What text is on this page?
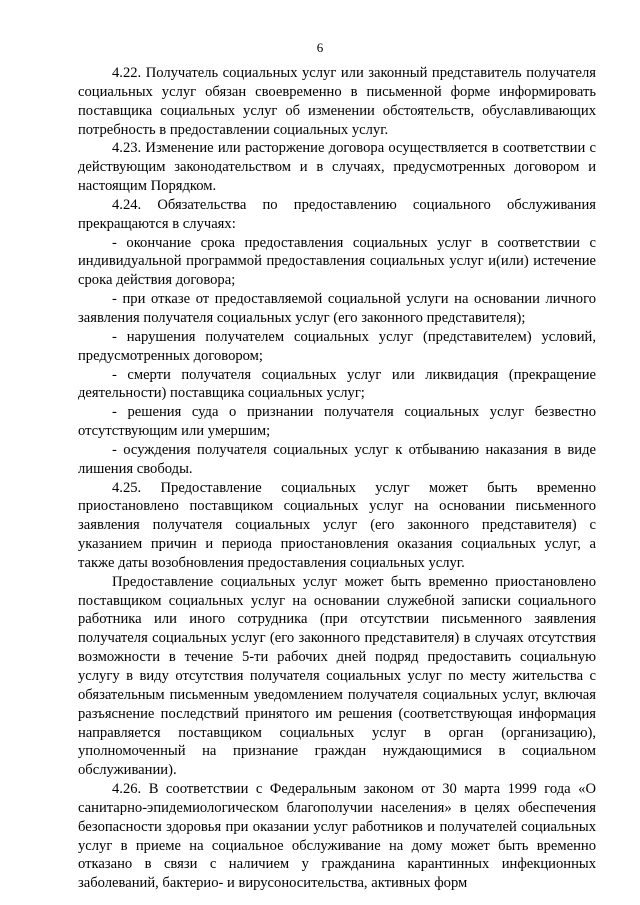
6

4.22. Получатель социальных услуг или законный представитель получателя социальных услуг обязан своевременно в письменной форме информировать поставщика социальных услуг об изменении обстоятельств, обуславливающих потребность в предоставлении социальных услуг.

4.23. Изменение или расторжение договора осуществляется в соответствии с действующим законодательством и в случаях, предусмотренных договором и настоящим Порядком.

4.24. Обязательства по предоставлению социального обслуживания прекращаются в случаях:

- окончание срока предоставления социальных услуг в соответствии с индивидуальной программой предоставления социальных услуг и(или) истечение срока действия договора;

- при отказе от предоставляемой социальной услуги на основании личного заявления получателя социальных услуг (его законного представителя);

- нарушения получателем социальных услуг (представителем) условий, предусмотренных договором;

- смерти получателя социальных услуг или ликвидация (прекращение деятельности) поставщика социальных услуг;

- решения суда о признании получателя социальных услуг безвестно отсутствующим или умершим;

- осуждения получателя социальных услуг к отбыванию наказания в виде лишения свободы.

4.25. Предоставление социальных услуг может быть временно приостановлено поставщиком социальных услуг на основании письменного заявления получателя социальных услуг (его законного представителя) с указанием причин и периода приостановления оказания социальных услуг, а также даты возобновления предоставления социальных услуг.

Предоставление социальных услуг может быть временно приостановлено поставщиком социальных услуг на основании служебной записки социального работника или иного сотрудника (при отсутствии письменного заявления получателя социальных услуг (его законного представителя) в случаях отсутствия возможности в течение 5-ти рабочих дней подряд предоставить социальную услугу в виду отсутствия получателя социальных услуг по месту жительства с обязательным письменным уведомлением получателя социальных услуг, включая разъяснение последствий принятого им решения (соответствующая информация направляется поставщиком социальных услуг в орган (организацию), уполномоченный на признание граждан нуждающимися в социальном обслуживании).

4.26. В соответствии с Федеральным законом от 30 марта 1999 года «О санитарно-эпидемиологическом благополучии населения» в целях обеспечения безопасности здоровья при оказании услуг работников и получателей социальных услуг в приеме на социальное обслуживание на дому может быть временно отказано в связи с наличием у гражданина карантинных инфекционных заболеваний, бактерио- и вирусоносительства, активных форм
